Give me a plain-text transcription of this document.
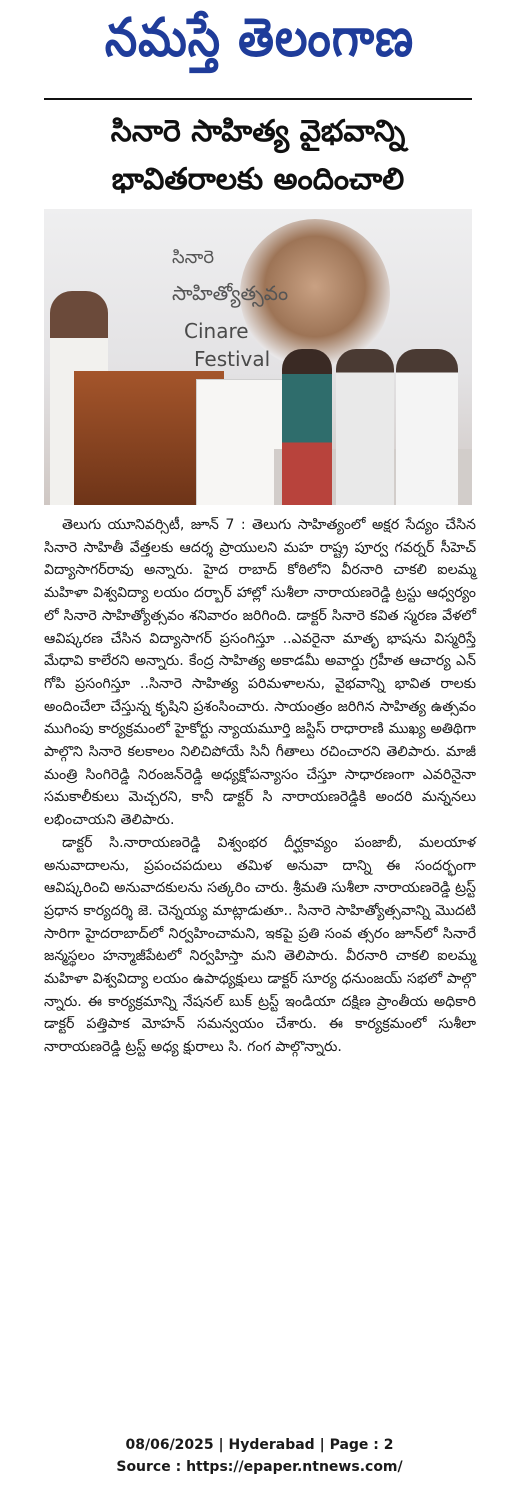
నమస్తే తెలంగాణ
సినారె సాహిత్య వైభవాన్ని
భావితరాలకు అందించాలి
సినారె
సాహిత్యోత్సవం
Cinare
Festival

తెలుగు యూనివర్సిటీ, జూన్ 7 : తెలుగు సాహిత్యంలో అక్షర సేద్యం చేసిన సినారె సాహితీ వేత్తలకు ఆదర్శ ప్రాయులని మహ రాష్ట్ర పూర్వ గవర్నర్ సీహెచ్ విద్యాసాగర్‌రావు అన్నారు. హైద రాబాద్ కోఠిలోని వీరనారి చాకలి ఐలమ్మ మహిళా విశ్వవిద్యా లయం దర్బార్ హాల్లో సుశీలా నారాయణరెడ్డి ట్రస్టు ఆధ్వర్యం లో సినారె సాహిత్యోత్సవం శనివారం జరిగింది. డాక్టర్ సినారె కవిత స్మరణ వేళలో ఆవిష్కరణ చేసిన విద్యాసాగర్ ప్రసంగిస్తూ ..ఎవరైనా మాతృ భాషను విస్మరిస్తే మేధావి కాలేరని అన్నారు. కేంద్ర సాహిత్య అకాడమీ అవార్డు గ్రహీత ఆచార్య ఎన్ గోపి ప్రసంగిస్తూ ..సినారె సాహిత్య పరిమళాలను, వైభవాన్ని భావిత రాలకు అందించేలా చేస్తున్న కృషిని ప్రశంసించారు. సాయంత్రం జరిగిన సాహిత్య ఉత్సవం ముగింపు కార్యక్రమంలో హైకోర్టు న్యాయమూర్తి జస్టిస్ రాధారాణి ముఖ్య అతిథిగా పాల్గొని సినారె కలకాలం నిలిచిపోయే సినీ గీతాలు రచించారని తెలిపారు. మాజీ మంత్రి సింగిరెడ్డి నిరంజన్‌రెడ్డి అధ్యక్షోపన్యాసం చేస్తూ సాధారణంగా ఎవరినైనా సమకాలీకులు మెచ్చరని, కానీ డాక్టర్ సి నారాయణరెడ్డికి అందరి మన్ననలు లభించాయని తెలిపారు.

డాక్టర్ సి.నారాయణరెడ్డి విశ్వంభర దీర్ఘకావ్యం పంజాబీ, మలయాళ అనువాదాలను, ప్రపంచపదులు తమిళ అనువా దాన్ని ఈ సందర్భంగా ఆవిష్కరించి అనువాదకులను సత్కరిం చారు. శ్రీమతి సుశీలా నారాయణరెడ్డి ట్రస్ట్ ప్రధాన కార్యదర్శి జె. చెన్నయ్య మాట్లాడుతూ.. సినారె సాహిత్యోత్సవాన్ని మొదటి సారిగా హైదరాబాద్‌లో నిర్వహించామని, ఇకపై ప్రతి సంవ త్సరం జూన్‌లో సినారే జన్మస్థలం హన్మాజీపేటలో నిర్వహిస్తా మని తెలిపారు. వీరనారి చాకలి ఐలమ్మ మహిళా విశ్వవిద్యా లయం ఉపాధ్యక్షులు డాక్టర్ సూర్య ధనుంజయ్ సభలో పాల్గొ న్నారు. ఈ కార్యక్రమాన్ని నేషనల్ బుక్ ట్రస్ట్ ఇండియా దక్షిణ ప్రాంతీయ అధికారి డాక్టర్ పత్తిపాక మోహన్ సమన్వయం చేశారు. ఈ కార్యక్రమంలో సుశీలా నారాయణరెడ్డి ట్రస్ట్ అధ్య క్షురాలు సి. గంగ పాల్గొన్నారు.

08/06/2025 | Hyderabad | Page : 2
Source : https://epaper.ntnews.com/
